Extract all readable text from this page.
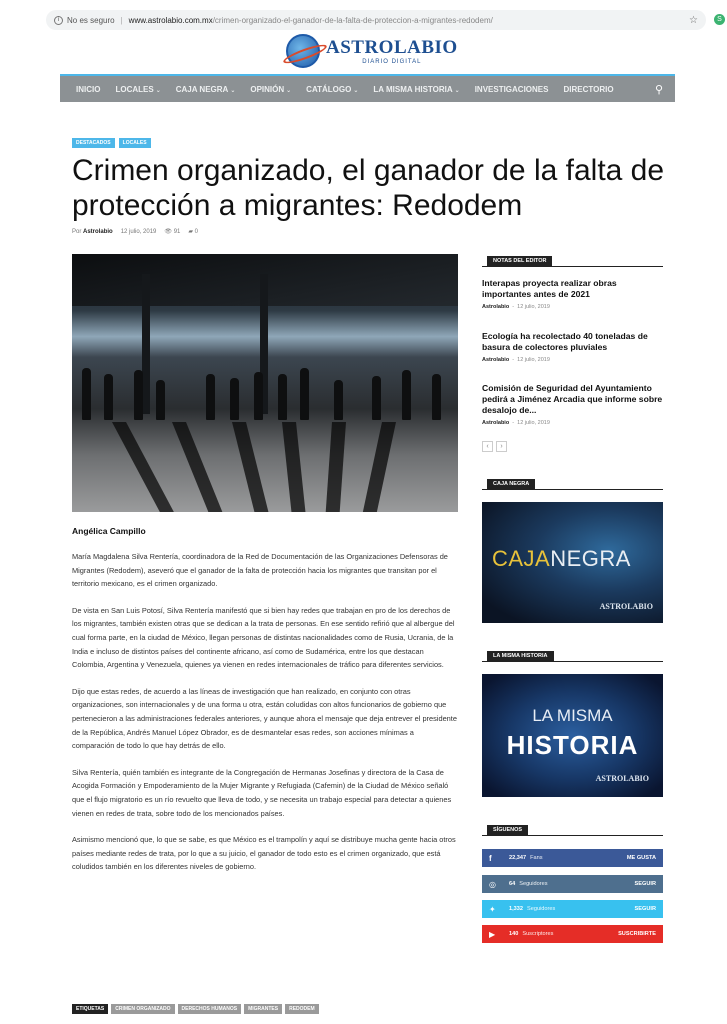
i No es seguro | www.astrolabio.com.mx /crimen-organizado-el-ganador-de-la-falta-de-proteccion-a-migrantes-redodem/	☆	S
ASTROLABIO
DIARIO DIGITAL
INICIO LOCALES ⌄ CAJA NEGRA ⌄ OPINIÓN ⌄ CATÁLOGO ⌄ LA MISMA HISTORIA ⌄ INVESTIGACIONES DIRECTORIO	⚲
DESTACADOS	LOCALES
Crimen organizado, el ganador de la falta de protección a migrantes: Redodem
Por Astrolabio 12 julio, 2019 👁 91 ▰ 0
Angélica Campillo

María Magdalena Silva Rentería, coordinadora de la Red de Documentación de las Organizaciones Defensoras de Migrantes (Redodem), aseveró que el ganador de la falta de protección hacia los migrantes que transitan por el territorio mexicano, es el crimen organizado.

De vista en San Luis Potosí, Silva Rentería manifestó que si bien hay redes que trabajan en pro de los derechos de los migrantes, también existen otras que se dedican a la trata de personas. En ese sentido refirió que al albergue del cual forma parte, en la ciudad de México, llegan personas de distintas nacionalidades como de Rusia, Ucrania, de la India e incluso de distintos países del continente africano, así como de Sudamérica, entre los que destacan Colombia, Argentina y Venezuela, quienes ya vienen en redes internacionales de tráfico para diferentes servicios.

Dijo que estas redes, de acuerdo a las líneas de investigación que han realizado, en conjunto con otras organizaciones, son internacionales y de una forma u otra, están coludidas con altos funcionarios de gobierno que pertenecieron a las administraciones federales anteriores, y aunque ahora el mensaje que deja entrever el presidente de la República, Andrés Manuel López Obrador, es de desmantelar esas redes, son acciones mínimas a comparación de todo lo que hay detrás de ello.

Silva Rentería, quién también es integrante de la Congregación de Hermanas Josefinas y directora de la Casa de Acogida Formación y Empoderamiento de la Mujer Migrante y Refugiada (Cafemin) de la Ciudad de México señaló que el flujo migratorio es un río revuelto que lleva de todo, y se necesita un trabajo especial para detectar a quienes vienen en redes de trata, sobre todo de los mencionados países.

Asimismo mencionó que, lo que se sabe, es que México es el trampolín y aquí se distribuye mucha gente hacia otros países mediante redes de trata, por lo que a su juicio, el ganador de todo esto es el crimen organizado, que está coludidos también en los diferentes niveles de gobierno.

ETIQUETAS	CRIMEN ORGANIZADO	DERECHOS HUMANOS	MIGRANTES	REDODEM
NOTAS DEL EDITOR
Interapas proyecta realizar obras importantes antes de 2021
Astrolabio  -  12 julio, 2019
Ecología ha recolectado 40 toneladas de basura de colectores pluviales
Astrolabio  -  12 julio, 2019
Comisión de Seguridad del Ayuntamiento pedirá a Jiménez Arcadia que informe sobre desalojo de...
Astrolabio  -  12 julio, 2019
‹	›
CAJA NEGRA
CAJANEGRA
ASTROLABIO
LA MISMA HISTORIA
LA MISMA
HISTORIA
ASTROLABIO
SÍGUENOS
f	22,347 Fans	ME GUSTA
◎	64 Seguidores	SEGUIR
✦	1,332 Seguidores	SEGUIR
▶	140 Suscriptores	SUSCRIBIRTE
